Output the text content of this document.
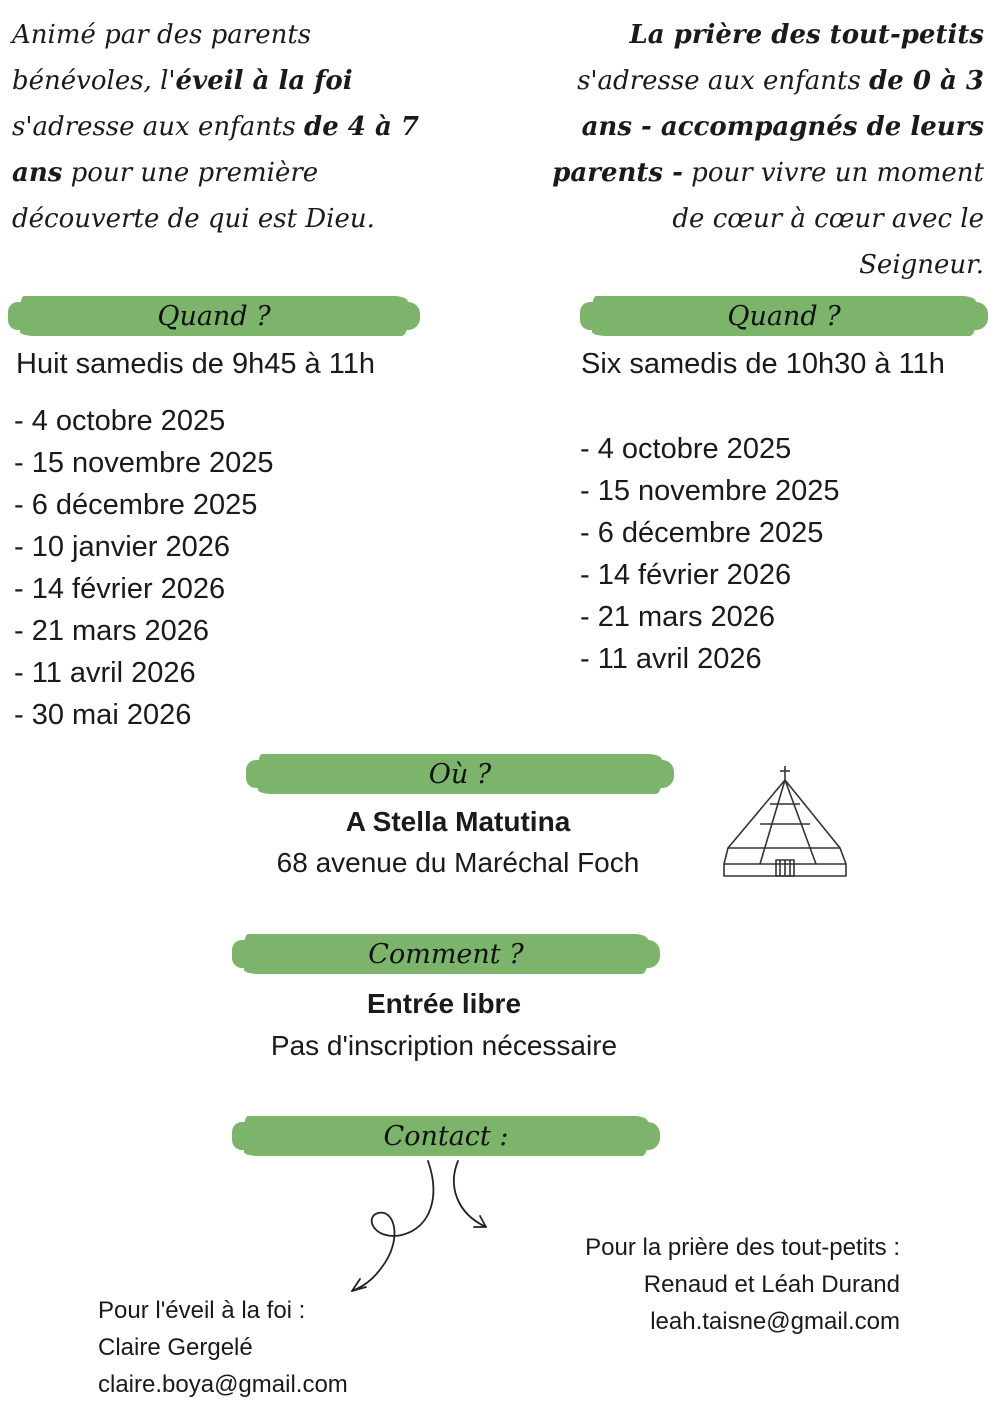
Animé par des parents bénévoles, l'éveil à la foi s'adresse aux enfants de 4 à 7 ans pour une première découverte de qui est Dieu.
La prière des tout-petits s'adresse aux enfants de 0 à 3 ans - accompagnés de leurs parents - pour vivre un moment de cœur à cœur avec le Seigneur.
Quand ?
Huit samedis de 9h45 à 11h
- 4 octobre 2025
- 15 novembre 2025
- 6 décembre 2025
- 10 janvier 2026
- 14 février 2026
- 21 mars 2026
- 11 avril 2026
- 30 mai 2026
Quand ?
Six samedis de 10h30 à 11h
- 4 octobre 2025
- 15 novembre 2025
- 6 décembre 2025
- 14 février 2026
- 21 mars 2026
- 11 avril 2026
Où ?
A Stella Matutina
68 avenue du Maréchal Foch
Comment ?
Entrée libre
Pas d'inscription nécessaire
Contact :
Pour l'éveil à la foi :
Claire Gergelé
claire.boya@gmail.com
Pour la prière des tout-petits :
Renaud et Léah Durand
leah.taisne@gmail.com
